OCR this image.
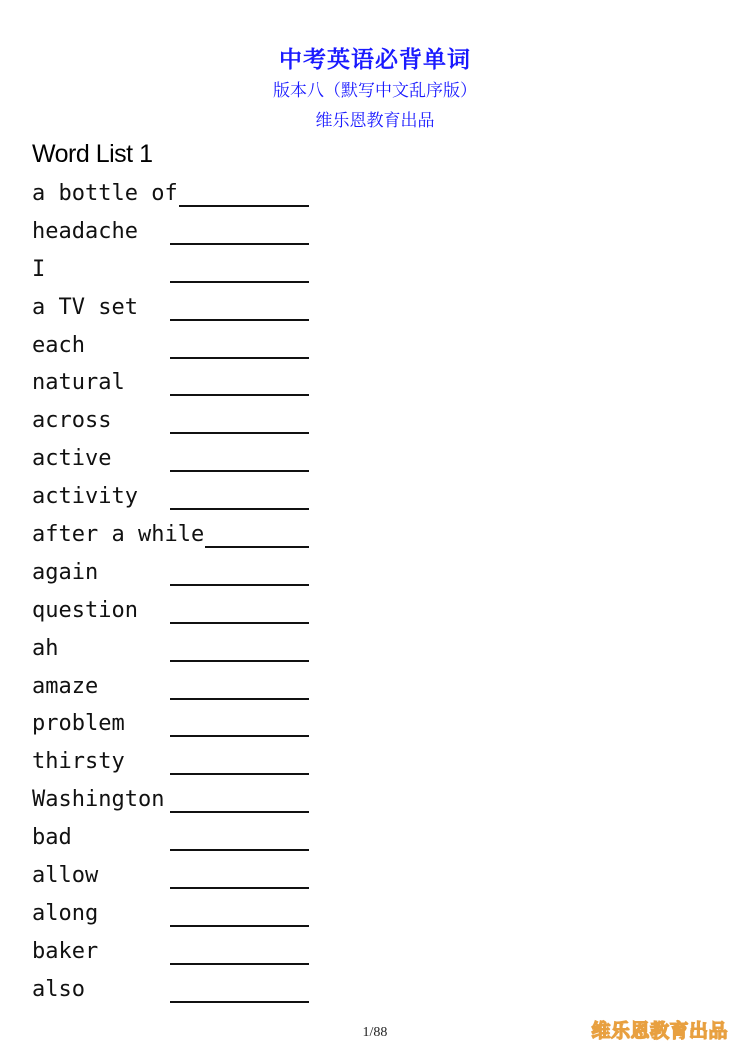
中考英语必背单词

版本八（默写中文乱序版）

维乐恩教育出品

Word List 1
a bottle of
headache
I
a TV set
each
natural
across
active
activity
after a while
again
question
ah
amaze
problem
thirsty
Washington
bad
allow
along
baker
also
1/88	维乐恩教育出品
